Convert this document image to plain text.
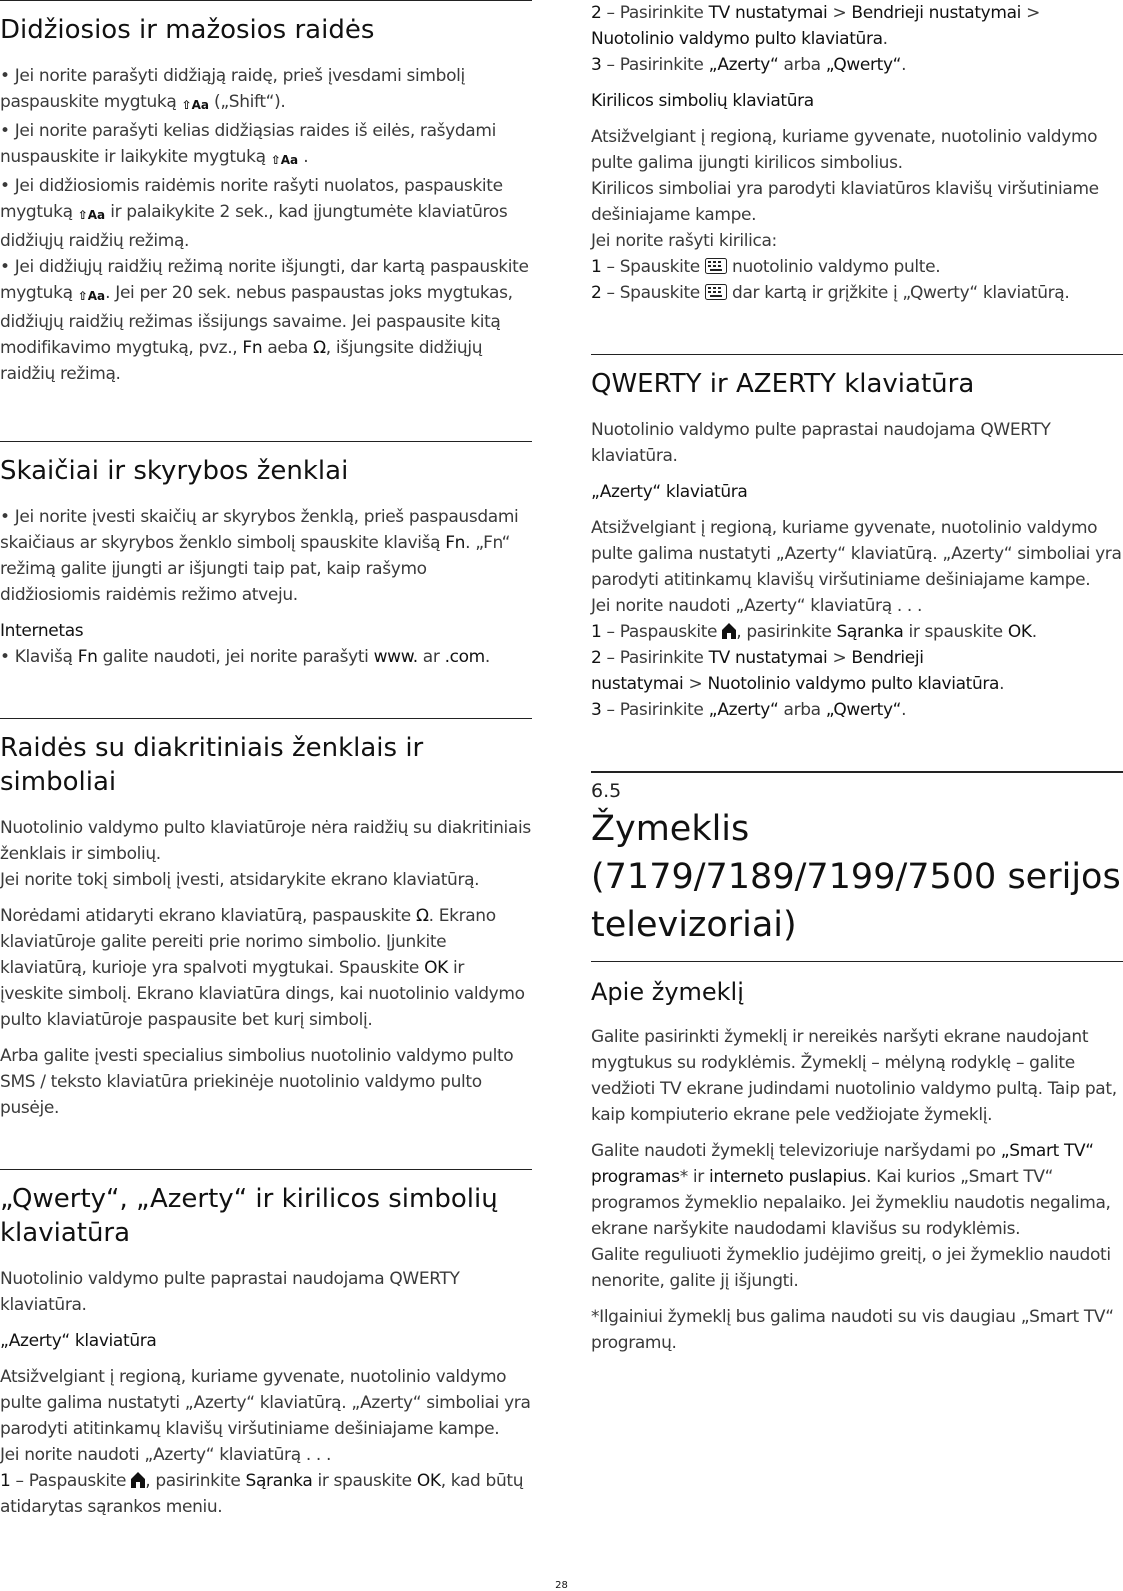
Didžiosios ir mažosios raidės

• Jei norite parašyti didžiąją raidę, prieš įvesdami simbolį paspauskite mygtuką ⇧Aa („Shift“).

• Jei norite parašyti kelias didžiąsias raides iš eilės, rašydami nuspauskite ir laikykite mygtuką ⇧Aa .

• Jei didžiosiomis raidėmis norite rašyti nuolatos, paspauskite mygtuką ⇧Aa ir palaikykite 2 sek., kad įjungtumėte klaviatūros didžiųjų raidžių režimą.

• Jei didžiųjų raidžių režimą norite išjungti, dar kartą paspauskite mygtuką ⇧Aa. Jei per 20 sek. nebus paspaustas joks mygtukas, didžiųjų raidžių režimas išsijungs savaime. Jei paspausite kitą modifikavimo mygtuką, pvz., Fn aeba Ω, išjungsite didžiųjų raidžių režimą.

Skaičiai ir skyrybos ženklai

• Jei norite įvesti skaičių ar skyrybos ženklą, prieš paspausdami skaičiaus ar skyrybos ženklo simbolį spauskite klavišą Fn. „Fn“ režimą galite įjungti ar išjungti taip pat, kaip rašymo didžiosiomis raidėmis režimo atveju.

Internetas

• Klavišą Fn galite naudoti, jei norite parašyti www. ar .com.

Raidės su diakritiniais ženklais ir simboliai

Nuotolinio valdymo pulto klaviatūroje nėra raidžių su diakritiniais ženklais ir simbolių.

Jei norite tokį simbolį įvesti, atsidarykite ekrano klaviatūrą.

Norėdami atidaryti ekrano klaviatūrą, paspauskite Ω. Ekrano klaviatūroje galite pereiti prie norimo simbolio. Įjunkite klaviatūrą, kurioje yra spalvoti mygtukai. Spauskite OK ir įveskite simbolį. Ekrano klaviatūra dings, kai nuotolinio valdymo pulto klaviatūroje paspausite bet kurį simbolį.

Arba galite įvesti specialius simbolius nuotolinio valdymo pulto SMS / teksto klaviatūra priekinėje nuotolinio valdymo pulto pusėje.

„Qwerty“, „Azerty“ ir kirilicos simbolių klaviatūra

Nuotolinio valdymo pulte paprastai naudojama QWERTY klaviatūra.

„Azerty“ klaviatūra

Atsižvelgiant į regioną, kuriame gyvenate, nuotolinio valdymo pulte galima nustatyti „Azerty“ klaviatūrą. „Azerty“ simboliai yra parodyti atitinkamų klavišų viršutiniame dešiniajame kampe.

Jei norite naudoti „Azerty“ klaviatūrą . . .

1 – Paspauskite , pasirinkite Sąranka ir spauskite OK, kad būtų atidarytas sąrankos meniu.

2 – Pasirinkite TV nustatymai > Bendrieji nustatymai > Nuotolinio valdymo pulto klaviatūra.

3 – Pasirinkite „Azerty“ arba „Qwerty“.

Kirilicos simbolių klaviatūra

Atsižvelgiant į regioną, kuriame gyvenate, nuotolinio valdymo pulte galima įjungti kirilicos simbolius.

Kirilicos simboliai yra parodyti klaviatūros klavišų viršutiniame dešiniajame kampe.

Jei norite rašyti kirilica:

1 – Spauskite  nuotolinio valdymo pulte.

2 – Spauskite  dar kartą ir grįžkite į „Qwerty“ klaviatūrą.

QWERTY ir AZERTY klaviatūra

Nuotolinio valdymo pulte paprastai naudojama QWERTY klaviatūra.

„Azerty“ klaviatūra

Atsižvelgiant į regioną, kuriame gyvenate, nuotolinio valdymo pulte galima nustatyti „Azerty“ klaviatūrą. „Azerty“ simboliai yra parodyti atitinkamų klavišų viršutiniame dešiniajame kampe.

Jei norite naudoti „Azerty“ klaviatūrą . . .

1 – Paspauskite , pasirinkite Sąranka ir spauskite OK.

2 – Pasirinkite TV nustatymai > Bendrieji
nustatymai > Nuotolinio valdymo pulto klaviatūra.

3 – Pasirinkite „Azerty“ arba „Qwerty“.

6.5
Žymeklis (7179/7189/7199/7500 serijos televizoriai)
Apie žymeklį

Galite pasirinkti žymeklį ir nereikės naršyti ekrane naudojant mygtukus su rodyklėmis. Žymeklį – mėlyną rodyklę – galite vedžioti TV ekrane judindami nuotolinio valdymo pultą. Taip pat, kaip kompiuterio ekrane pele vedžiojate žymeklį.

Galite naudoti žymeklį televizoriuje naršydami po „Smart TV“ programas* ir interneto puslapius. Kai kurios „Smart TV“ programos žymeklio nepalaiko. Jei žymekliu naudotis negalima, ekrane naršykite naudodami klavišus su rodyklėmis.

Galite reguliuoti žymeklio judėjimo greitį, o jei žymeklio naudoti nenorite, galite jį išjungti.

*Ilgainiui žymeklį bus galima naudoti su vis daugiau „Smart TV“ programų.

28
